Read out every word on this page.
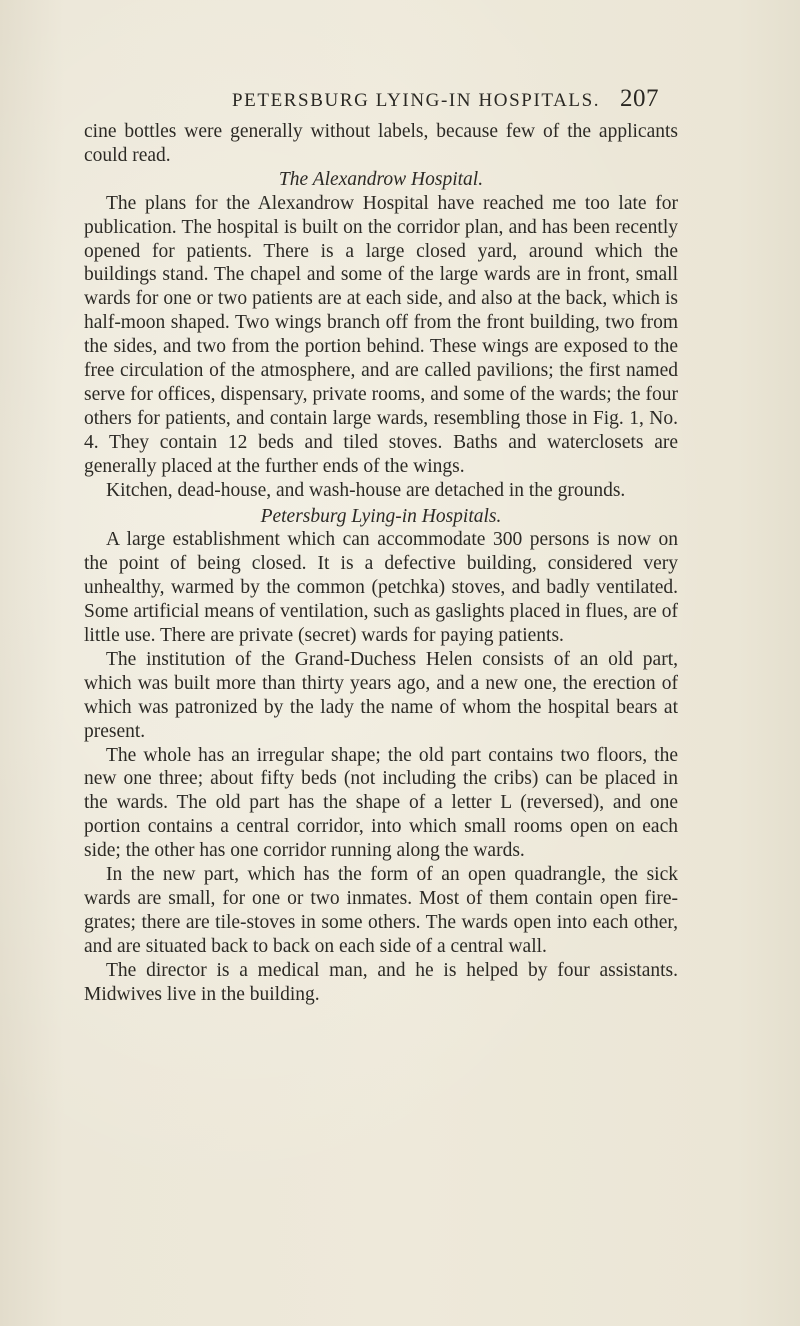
PETERSBURG LYING-IN HOSPITALS. 207

cine bottles were generally without labels, because few of the applicants could read.

The Alexandrow Hospital.

The plans for the Alexandrow Hospital have reached me too late for publication. The hospital is built on the corridor plan, and has been recently opened for patients. There is a large closed yard, around which the buildings stand. The chapel and some of the large wards are in front, small wards for one or two patients are at each side, and also at the back, which is half-moon shaped. Two wings branch off from the front building, two from the sides, and two from the portion behind. These wings are exposed to the free circulation of the atmosphere, and are called pavilions; the first named serve for offices, dispensary, private rooms, and some of the wards; the four others for patients, and contain large wards, resembling those in Fig. 1, No. 4. They contain 12 beds and tiled stoves. Baths and waterclosets are generally placed at the further ends of the wings.

Kitchen, dead-house, and wash-house are detached in the grounds.

Petersburg Lying-in Hospitals.

A large establishment which can accommodate 300 persons is now on the point of being closed. It is a defective building, considered very unhealthy, warmed by the common (petchka) stoves, and badly ventilated. Some artificial means of ventilation, such as gaslights placed in flues, are of little use. There are private (secret) wards for paying patients.

The institution of the Grand-Duchess Helen consists of an old part, which was built more than thirty years ago, and a new one, the erection of which was patronized by the lady the name of whom the hospital bears at present.

The whole has an irregular shape; the old part contains two floors, the new one three; about fifty beds (not including the cribs) can be placed in the wards. The old part has the shape of a letter L (reversed), and one portion contains a central corridor, into which small rooms open on each side; the other has one corridor running along the wards.

In the new part, which has the form of an open quadrangle, the sick wards are small, for one or two inmates. Most of them contain open fire-grates; there are tile-stoves in some others. The wards open into each other, and are situated back to back on each side of a central wall.

The director is a medical man, and he is helped by four assistants. Midwives live in the building.
